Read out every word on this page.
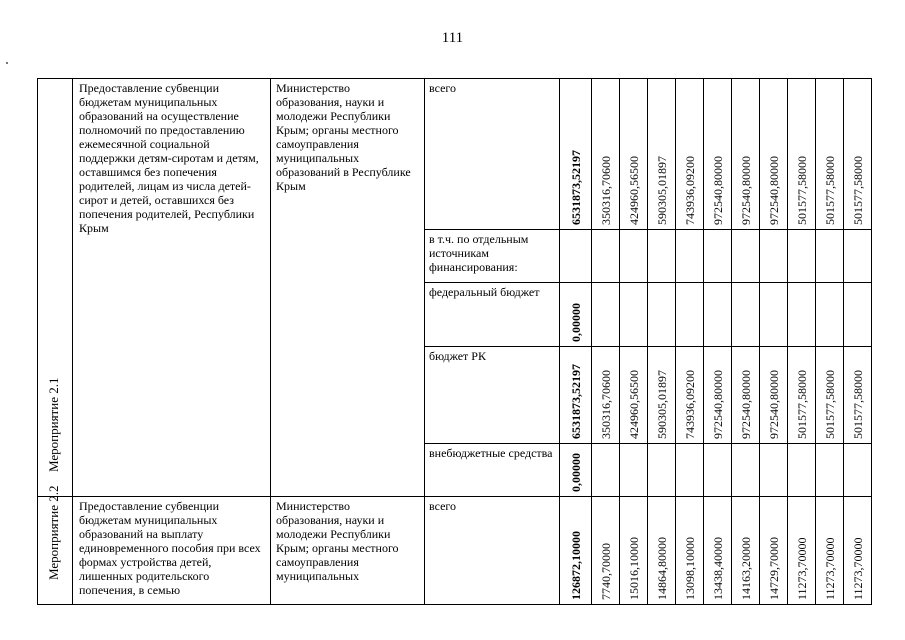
111
Мероприятие 2.1	Предоставление субвенции бюджетам муниципальных образований на осуществление полномочий по предоставлению ежемесячной социальной поддержки детям-сиротам и детям, оставшимся без попечения родителей, лицам из числа детей-сирот и детей, оставшихся без попечения родителей, Республики Крым	Министерство образования, науки и молодежи Республики Крым; органы местного самоуправления муниципальных образований в Республике Крым	всего	6531873,52197	350316,70600	424960,56500	590305,01897	743936,09200	972540,80000	972540,80000	972540,80000	501577,58000	501577,58000	501577,58000

			в т.ч. по отдельным источникам финансирования:	

			федеральный бюджет	0,00000										

			бюджет РК	6531873,52197	350316,70600	424960,56500	590305,01897	743936,09200	972540,80000	972540,80000	972540,80000	501577,58000	501577,58000	501577,58000

			внебюджетные средства	0,00000										

Мероприятие 2.2	Предоставление субвенции бюджетам муниципальных образований на выплату единовременного пособия при всех формах устройства детей, лишенных родительского попечения, в семью	Министерство образования, науки и молодежи Республики Крым; органы местного самоуправления муниципальных	всего	126872,10000	7740,70000	15016,10000	14864,80000	13098,10000	13438,40000	14163,20000	14729,70000	11273,70000	11273,70000	11273,70000
